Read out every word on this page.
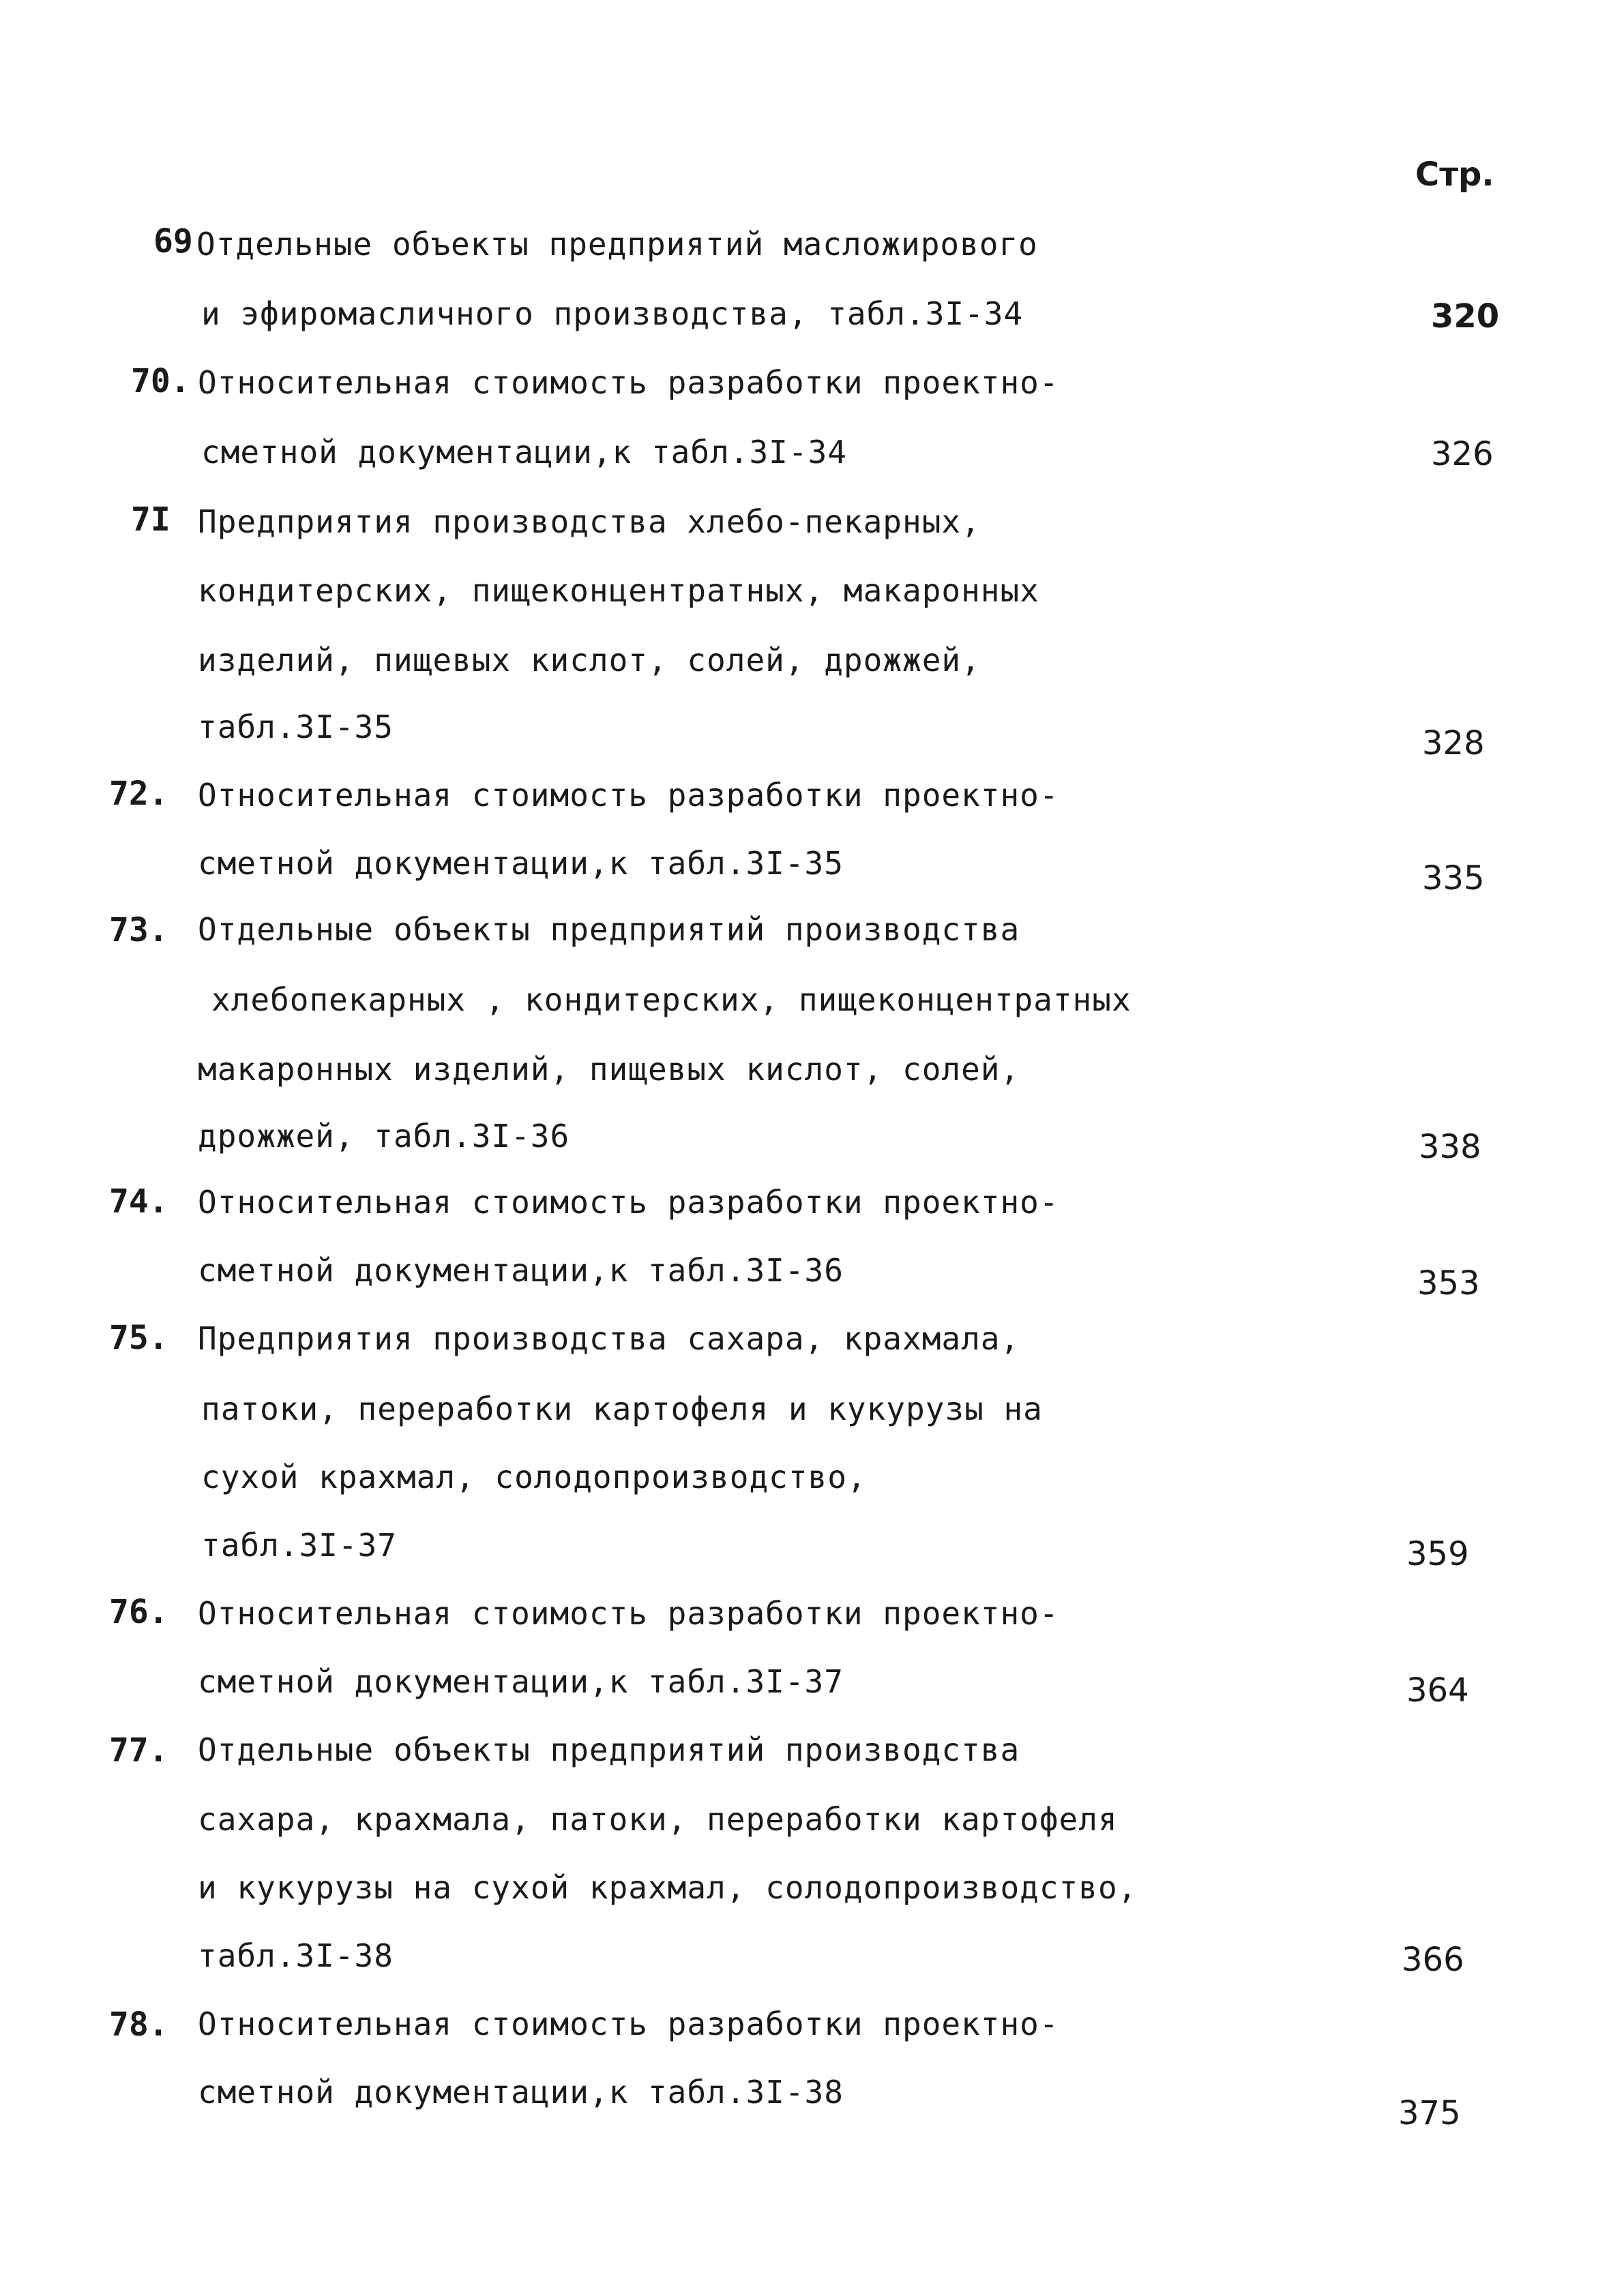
Стр.
69 Отдельные объекты предприятий масложирового
и эфиромасличного производства, табл.3I-34	320
70. Относительная стоимость разработки проектно-
сметной документации,к табл.3I-34	326
7I Предприятия производства хлебо-пекарных,
кондитерских, пищеконцентратных, макаронных
изделий, пищевых кислот, солей, дрожжей,
табл.3I-35	328
72. Относительная стоимость разработки проектно-
сметной документации,к табл.3I-35	335
73. Отдельные объекты предприятий производства
хлебопекарных , кондитерских, пищеконцентратных
макаронных изделий, пищевых кислот, солей,
дрожжей, табл.3I-36	338
74. Относительная стоимость разработки проектно-
сметной документации,к табл.3I-36	353
75. Предприятия производства сахара, крахмала,
патоки, переработки картофеля и кукурузы на
сухой крахмал, солодопроизводство,
табл.3I-37	359
76. Относительная стоимость разработки проектно-
сметной документации,к табл.3I-37	364
77. Отдельные объекты предприятий производства
сахара, крахмала, патоки, переработки картофеля
и кукурузы на сухой крахмал, солодопроизводство,
табл.3I-38	366
78. Относительная стоимость разработки проектно-
сметной документации,к табл.3I-38
375
